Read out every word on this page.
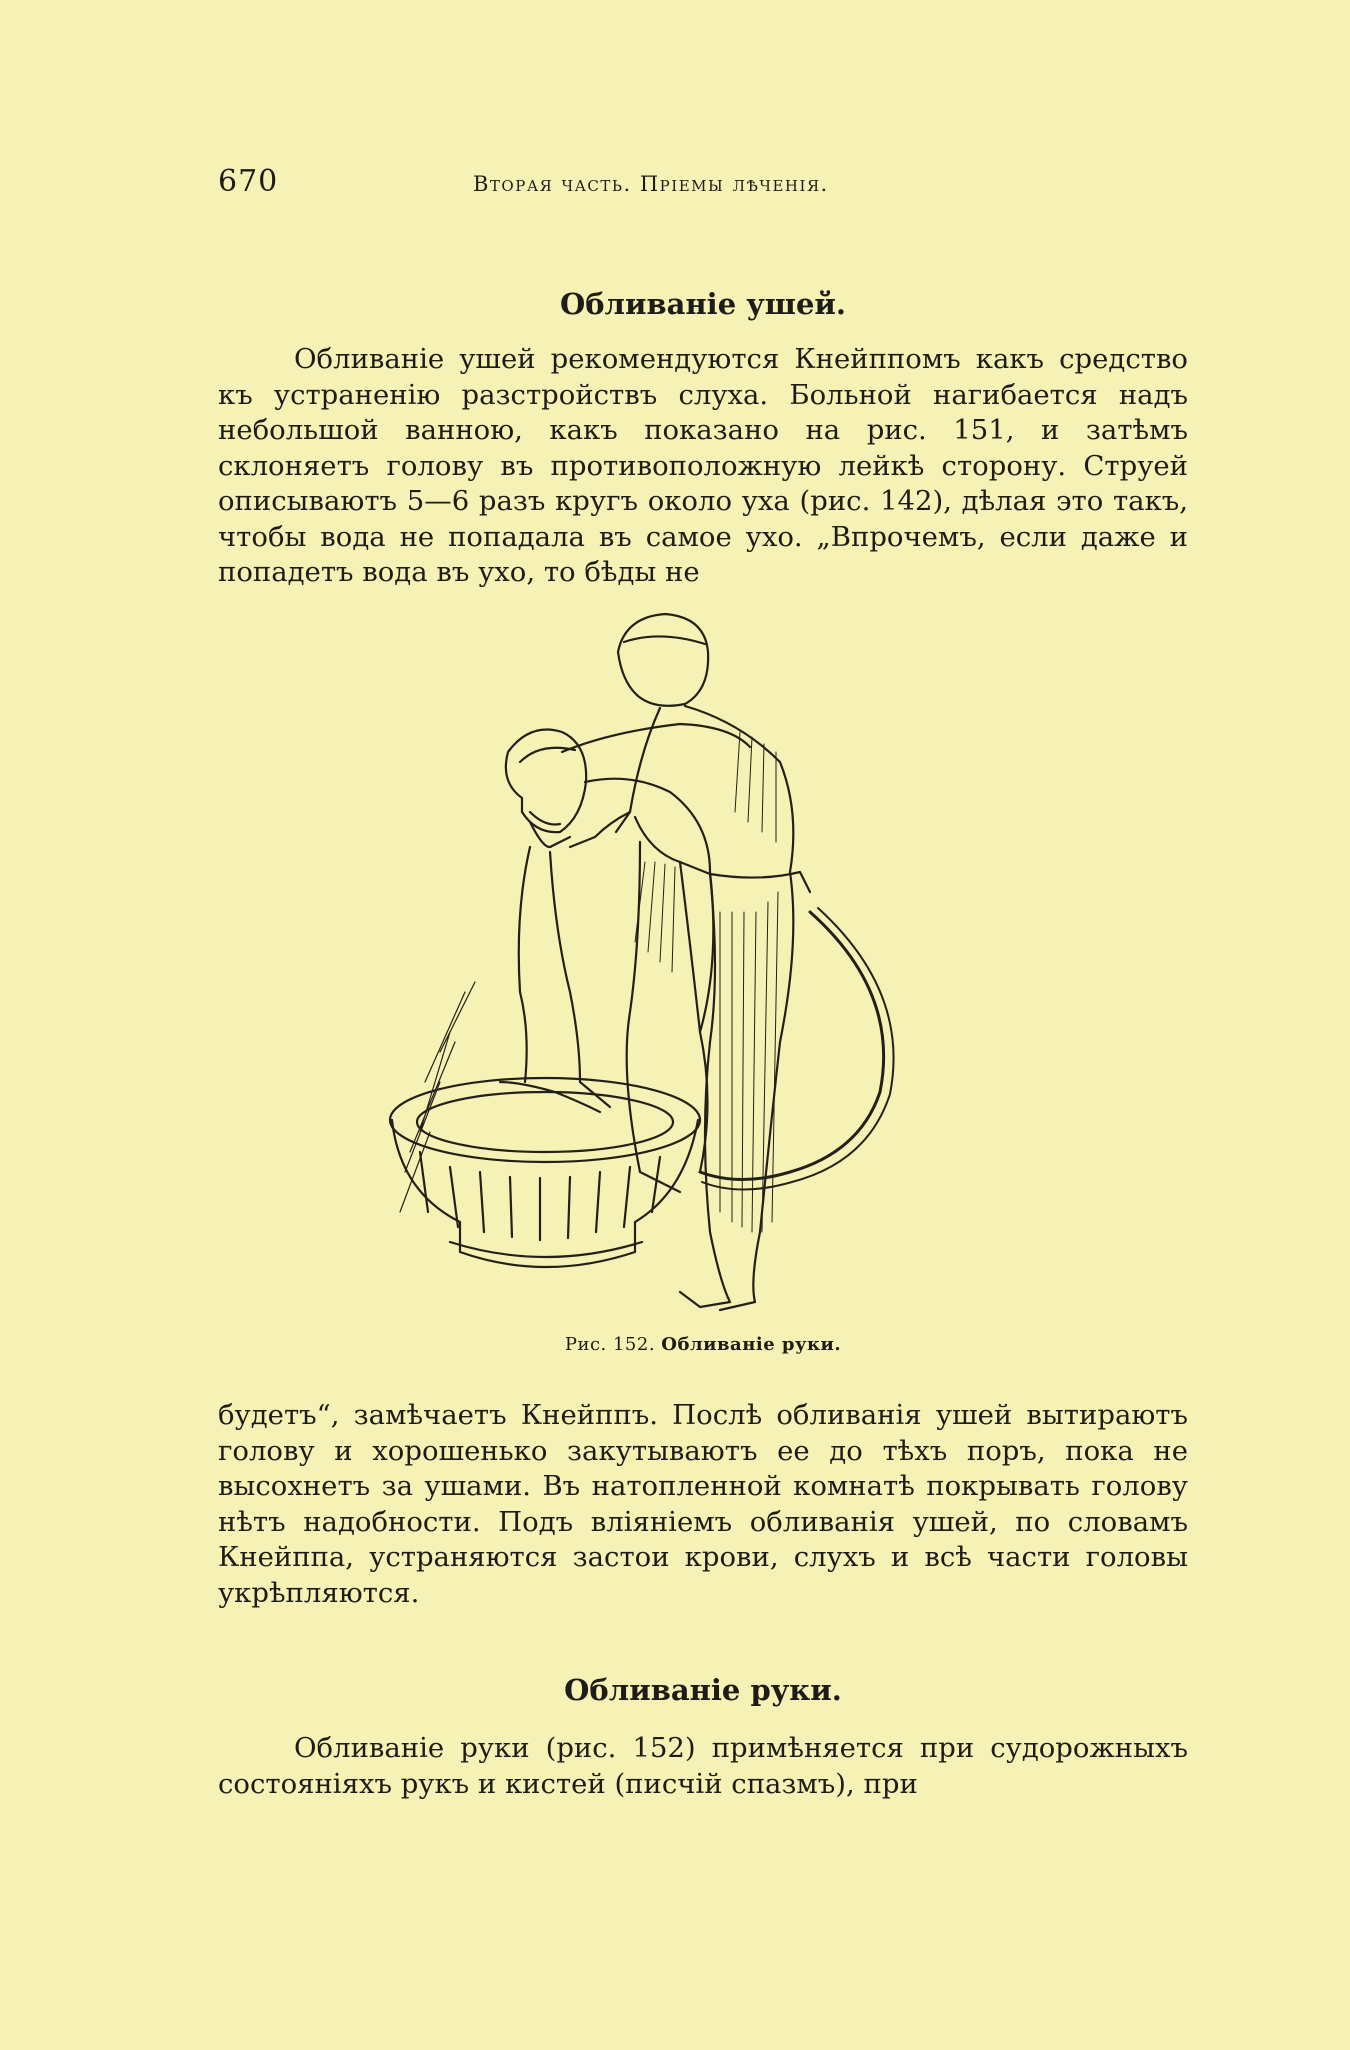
670	Вторая часть. Пріемы лѣченія.
Обливаніе ушей.

Обливаніе ушей рекомендуются Кнейппомъ какъ средство къ устраненію разстройствъ слуха. Больной нагибается надъ небольшой ванною, какъ показано на рис. 151, и затѣмъ склоняетъ голову въ противоположную лейкѣ сторону. Струей описываютъ 5—6 разъ кругъ около уха (рис. 142), дѣлая это такъ, чтобы вода не попадала въ самое ухо. „Впрочемъ, если даже и попадетъ вода въ ухо, то бѣды не

Рис. 152. Обливаніе руки.

будетъ“, замѣчаетъ Кнейппъ. Послѣ обливанія ушей вытираютъ голову и хорошенько закутываютъ ее до тѣхъ поръ, пока не высохнетъ за ушами. Въ натопленной комнатѣ покрывать голову нѣтъ надобности. Подъ вліяніемъ обливанія ушей, по словамъ Кнейппа, устраняются застои крови, слухъ и всѣ части головы укрѣпляются.

Обливаніе руки.

Обливаніе руки (рис. 152) примѣняется при судорожныхъ состояніяхъ рукъ и кистей (писчій спазмъ), при
